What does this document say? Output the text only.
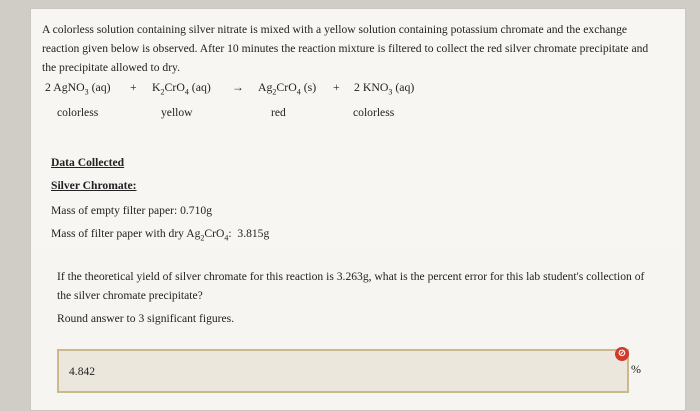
A colorless solution containing silver nitrate is mixed with a yellow solution containing potassium chromate and the exchange reaction given below is observed. After 10 minutes the reaction mixture is filtered to collect the red silver chromate precipitate and the precipitate allowed to dry.
2 AgNO$_3$ $(aq) + K_2CrO_4$ $(aq) \to Ag_2CrO_4$ (s) + 2 $KNO_3$ (aq)
colorless	yellow	red	colorless
Data Collected
Silver Chromate:
Mass of empty filter paper: 0.710g
Mass of filter paper with dry $Ag_2CrO_4$:  3.815g
If the theoretical yield of silver chromate for this reaction is 3.263g, what is the percent error for this lab student's collection of the silver chromate precipitate?
Round answer to 3 significant figures.
4.842
⊘
%
